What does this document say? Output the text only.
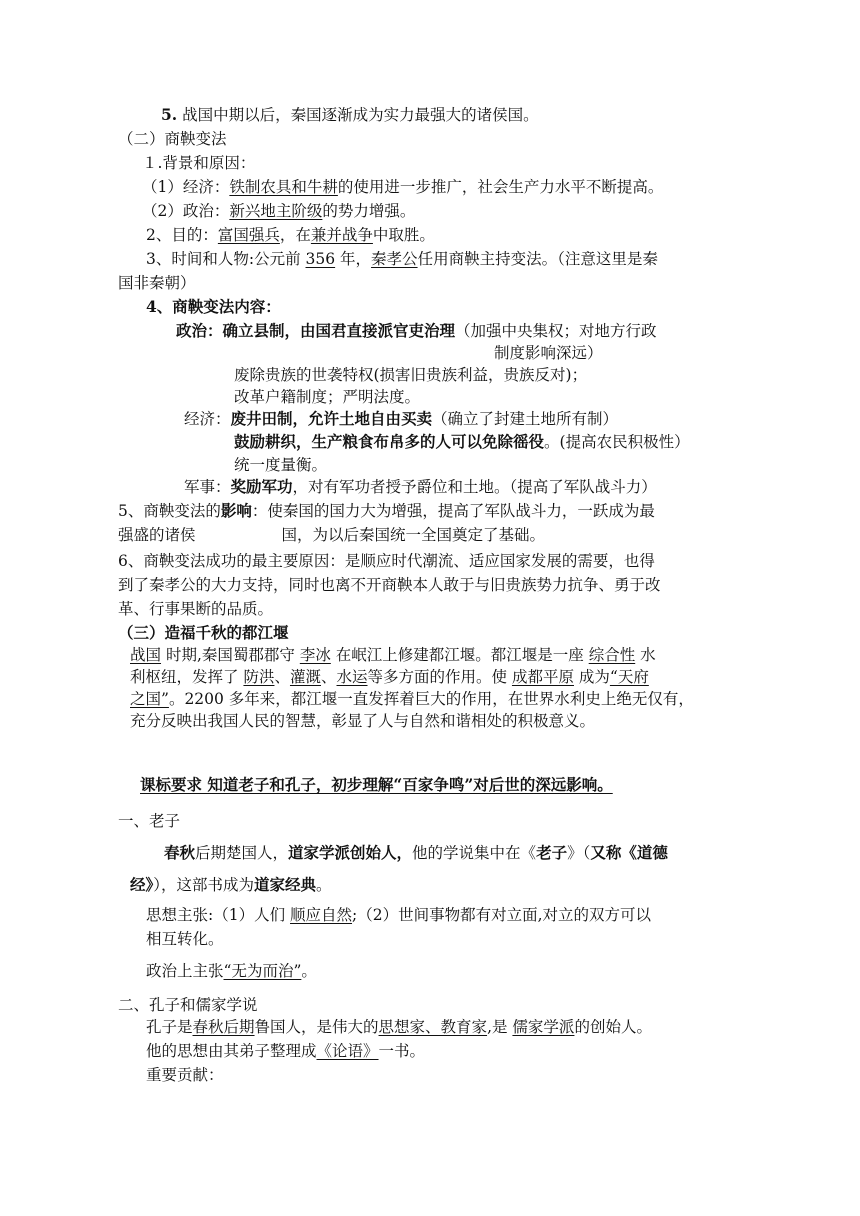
5. 战国中期以后，秦国逐渐成为实力最强大的诸侯国。
（二）商鞅变法
１.背景和原因：
（1）经济：铁制农具和牛耕的使用进一步推广，社会生产力水平不断提高。
（2）政治：新兴地主阶级的势力增强。
2、目的：富国强兵，在兼并战争中取胜。
3、时间和人物:公元前 356 年，秦孝公任用商鞅主持变法。（注意这里是秦
国非秦朝）
4、商鞅变法内容：
政治：确立县制，由国君直接派官吏治理（加强中央集权；对地方行政
制度影响深远）
废除贵族的世袭特权(损害旧贵族利益，贵族反对)；
改革户籍制度；严明法度。
经济：废井田制，允许土地自由买卖（确立了封建土地所有制）
鼓励耕织，生产粮食布帛多的人可以免除徭役。(提高农民积极性）
统一度量衡。
军事：奖励军功，对有军功者授予爵位和土地。（提高了军队战斗力）
5、商鞅变法的影响：使秦国的国力大为增强，提高了军队战斗力，一跃成为最
强盛的诸侯	国，为以后秦国统一全国奠定了基础。
6、商鞅变法成功的最主要原因：是顺应时代潮流、适应国家发展的需要，也得
到了秦孝公的大力支持，同时也离不开商鞅本人敢于与旧贵族势力抗争、勇于改
革、行事果断的品质。
（三）造福千秋的都江堰
战国 时期,秦国蜀郡郡守 李冰 在岷江上修建都江堰。都江堰是一座 综合性 水
利枢纽，发挥了 防洪、灌溉、水运等多方面的作用。使 成都平原 成为“天府
之国”。2200 多年来，都江堰一直发挥着巨大的作用，在世界水利史上绝无仅有，
充分反映出我国人民的智慧，彰显了人与自然和谐相处的积极意义。
课标要求 知道老子和孔子，初步理解“百家争鸣”对后世的深远影响。
一、老子
春秋后期楚国人，道家学派创始人，他的学说集中在《老子》（又称《道德
经》），这部书成为道家经典。
思想主张:（1）人们 顺应自然;（2）世间事物都有对立面,对立的双方可以
相互转化。
政治上主张“无为而治”。
二、孔子和儒家学说
孔子是春秋后期鲁国人，是伟大的思想家、教育家,是 儒家学派的创始人。
他的思想由其弟子整理成《论语》一书。
重要贡献：
